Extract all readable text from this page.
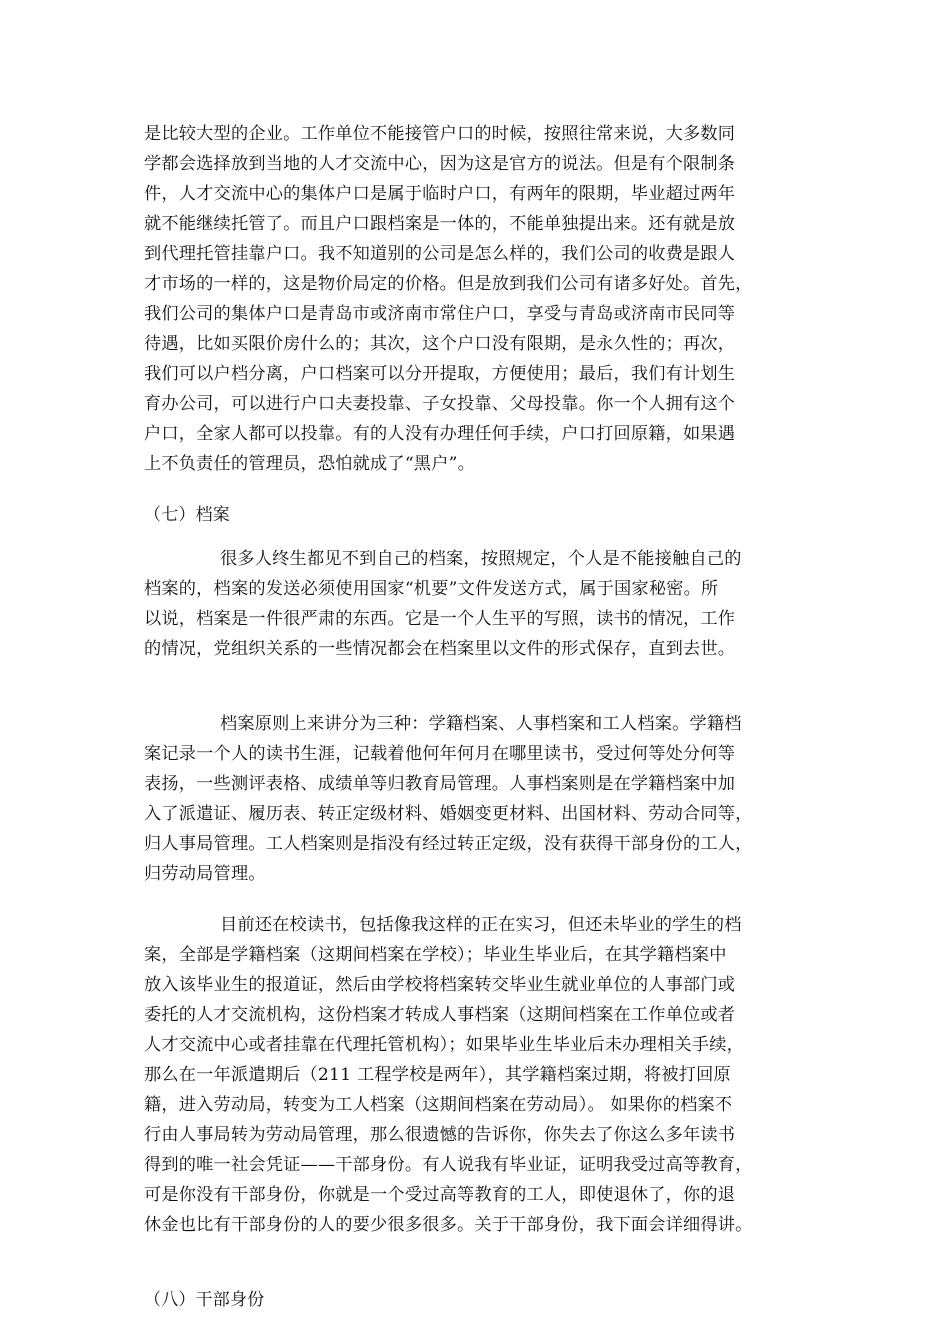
是比较大型的企业。工作单位不能接管户口的时候，按照往常来说，大多数同
学都会选择放到当地的人才交流中心，因为这是官方的说法。但是有个限制条
件，人才交流中心的集体户口是属于临时户口，有两年的限期，毕业超过两年
就不能继续托管了。而且户口跟档案是一体的，不能单独提出来。还有就是放
到代理托管挂靠户口。我不知道别的公司是怎么样的，我们公司的收费是跟人
才市场的一样的，这是物价局定的价格。但是放到我们公司有诸多好处。首先，
我们公司的集体户口是青岛市或济南市常住户口，享受与青岛或济南市民同等
待遇，比如买限价房什么的；其次，这个户口没有限期，是永久性的；再次，
我们可以户档分离，户口档案可以分开提取，方便使用；最后，我们有计划生
育办公司，可以进行户口夫妻投靠、子女投靠、父母投靠。你一个人拥有这个
户口，全家人都可以投靠。有的人没有办理任何手续，户口打回原籍，如果遇
上不负责任的管理员，恐怕就成了“黑户”。
（七）档案
很多人终生都见不到自己的档案，按照规定，个人是不能接触自己的
档案的，档案的发送必须使用国家“机要”文件发送方式，属于国家秘密。所
以说，档案是一件很严肃的东西。它是一个人生平的写照，读书的情况，工作
的情况，党组织关系的一些情况都会在档案里以文件的形式保存，直到去世。
档案原则上来讲分为三种：学籍档案、人事档案和工人档案。学籍档
案记录一个人的读书生涯，记载着他何年何月在哪里读书，受过何等处分何等
表扬，一些测评表格、成绩单等归教育局管理。人事档案则是在学籍档案中加
入了派遣证、履历表、转正定级材料、婚姻变更材料、出国材料、劳动合同等，
归人事局管理。工人档案则是指没有经过转正定级，没有获得干部身份的工人，
归劳动局管理。
目前还在校读书，包括像我这样的正在实习，但还未毕业的学生的档
案，全部是学籍档案（这期间档案在学校）；毕业生毕业后，在其学籍档案中
放入该毕业生的报道证，然后由学校将档案转交毕业生就业单位的人事部门或
委托的人才交流机构，这份档案才转成人事档案（这期间档案在工作单位或者
人才交流中心或者挂靠在代理托管机构）；如果毕业生毕业后未办理相关手续，
那么在一年派遣期后（211 工程学校是两年），其学籍档案过期，将被打回原
籍，进入劳动局，转变为工人档案（这期间档案在劳动局）。 如果你的档案不
行由人事局转为劳动局管理，那么很遗憾的告诉你，你失去了你这么多年读书
得到的唯一社会凭证——干部身份。有人说我有毕业证，证明我受过高等教育，
可是你没有干部身份，你就是一个受过高等教育的工人，即使退休了，你的退
休金也比有干部身份的人的要少很多很多。关于干部身份，我下面会详细得讲。
（八）干部身份
